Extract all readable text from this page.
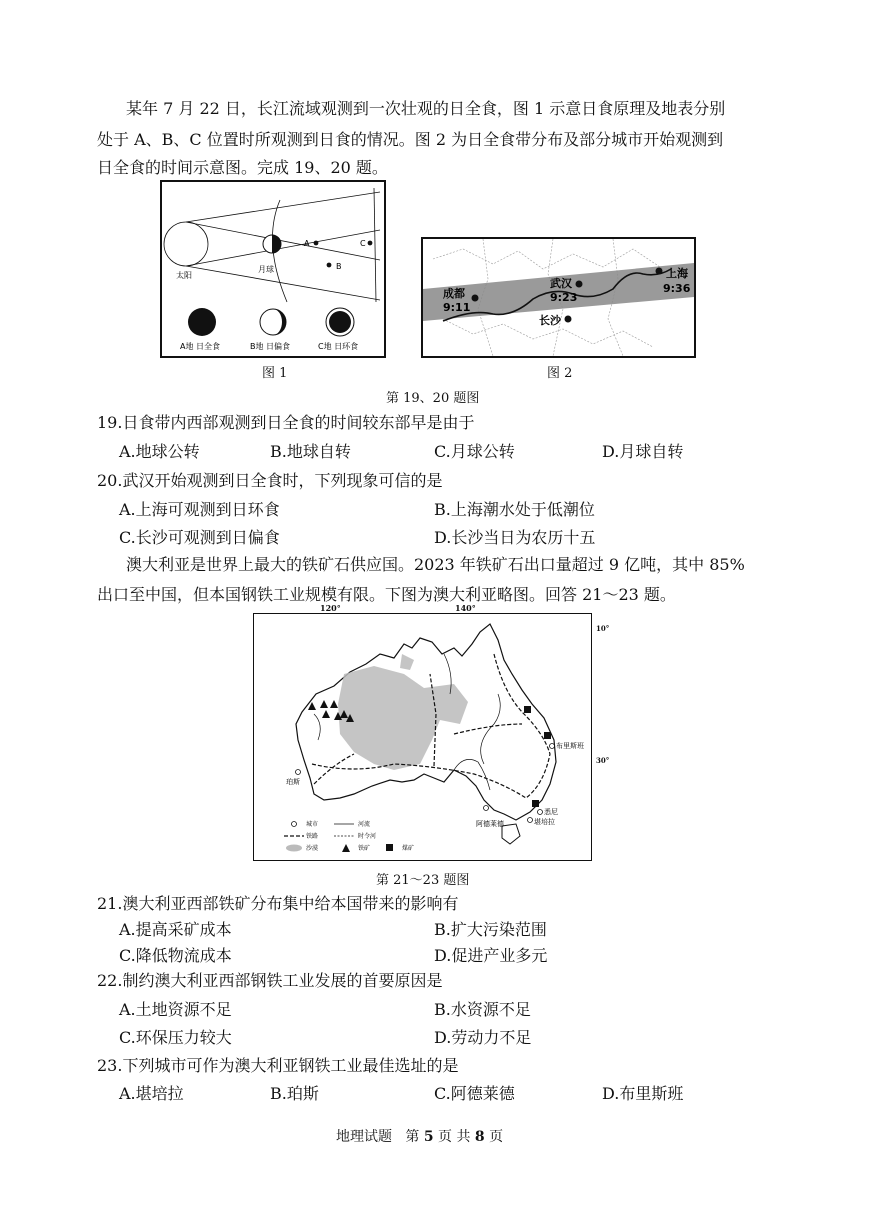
某年 7 月 22 日，长江流域观测到一次壮观的日全食，图 1 示意日食原理及地表分别
处于 A、B、C 位置时所观测到日食的情况。图 2 为日全食带分布及部分城市开始观测到
日全食的时间示意图。完成 19、20 题。
A	C
B
太阳
月球
A地 日全食	B地 日偏食	C地 日环食
图 1
成都
9:11
武汉
9:23
上海
9:36
长沙
图 2
第 19、20 题图
19.日食带内西部观测到日全食的时间较东部早是由于
A.地球公转	B.地球自转	C.月球公转	D.月球自转
20.武汉开始观测到日全食时，下列现象可信的是
A.上海可观测到日环食	B.上海潮水处于低潮位
C.长沙可观测到日偏食	D.长沙当日为农历十五
澳大利亚是世界上最大的铁矿石供应国。2023 年铁矿石出口量超过 9 亿吨，其中 85%
出口至中国，但本国钢铁工业规模有限。下图为澳大利亚略图。回答 21～23 题。
120°	140°
布里斯班
珀斯
悉尼
堪培拉
阿德莱德
城市	河流
铁路	时令河
沙漠	铁矿	煤矿
10°
30°
第 21～23 题图
21.澳大利亚西部铁矿分布集中给本国带来的影响有
A.提高采矿成本	B.扩大污染范围
C.降低物流成本	D.促进产业多元
22.制约澳大利亚西部钢铁工业发展的首要原因是
A.土地资源不足	B.水资源不足
C.环保压力较大	D.劳动力不足
23.下列城市可作为澳大利亚钢铁工业最佳选址的是
A.堪培拉	B.珀斯	C.阿德莱德	D.布里斯班
地理试题 第 5 页 共 8 页
